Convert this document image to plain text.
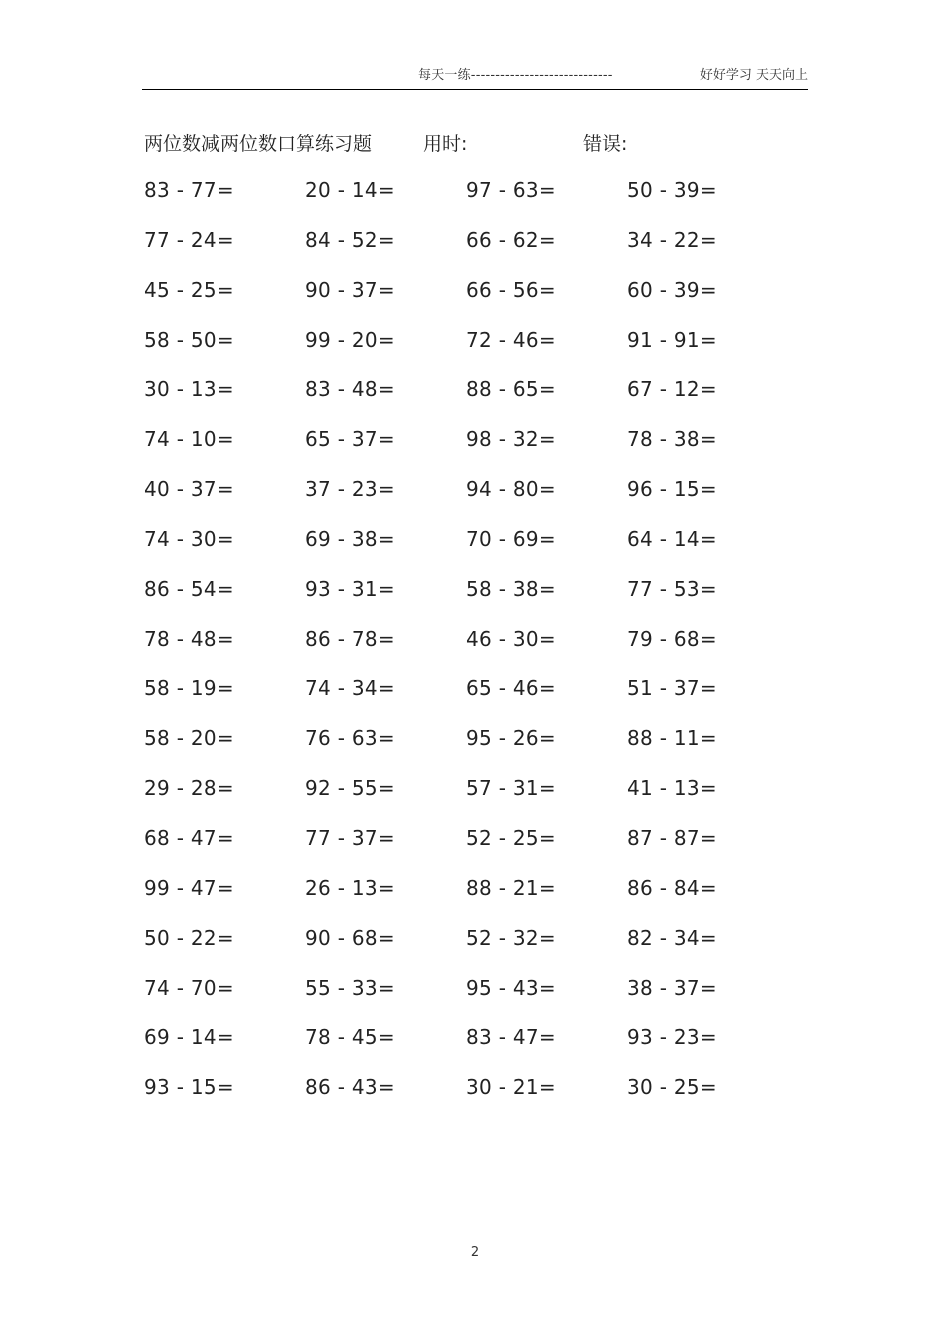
每天一练-----------------------------	好好学习 天天向上
两位数减两位数口算练习题	用时:	错误:
83 - 77=	20 - 14=	97 - 63=	50 - 39=
77 - 24=	84 - 52=	66 - 62=	34 - 22=
45 - 25=	90 - 37=	66 - 56=	60 - 39=
58 - 50=	99 - 20=	72 - 46=	91 - 91=
30 - 13=	83 - 48=	88 - 65=	67 - 12=
74 - 10=	65 - 37=	98 - 32=	78 - 38=
40 - 37=	37 - 23=	94 - 80=	96 - 15=
74 - 30=	69 - 38=	70 - 69=	64 - 14=
86 - 54=	93 - 31=	58 - 38=	77 - 53=
78 - 48=	86 - 78=	46 - 30=	79 - 68=
58 - 19=	74 - 34=	65 - 46=	51 - 37=
58 - 20=	76 - 63=	95 - 26=	88 - 11=
29 - 28=	92 - 55=	57 - 31=	41 - 13=
68 - 47=	77 - 37=	52 - 25=	87 - 87=
99 - 47=	26 - 13=	88 - 21=	86 - 84=
50 - 22=	90 - 68=	52 - 32=	82 - 34=
74 - 70=	55 - 33=	95 - 43=	38 - 37=
69 - 14=	78 - 45=	83 - 47=	93 - 23=
93 - 15=	86 - 43=	30 - 21=	30 - 25=
2
